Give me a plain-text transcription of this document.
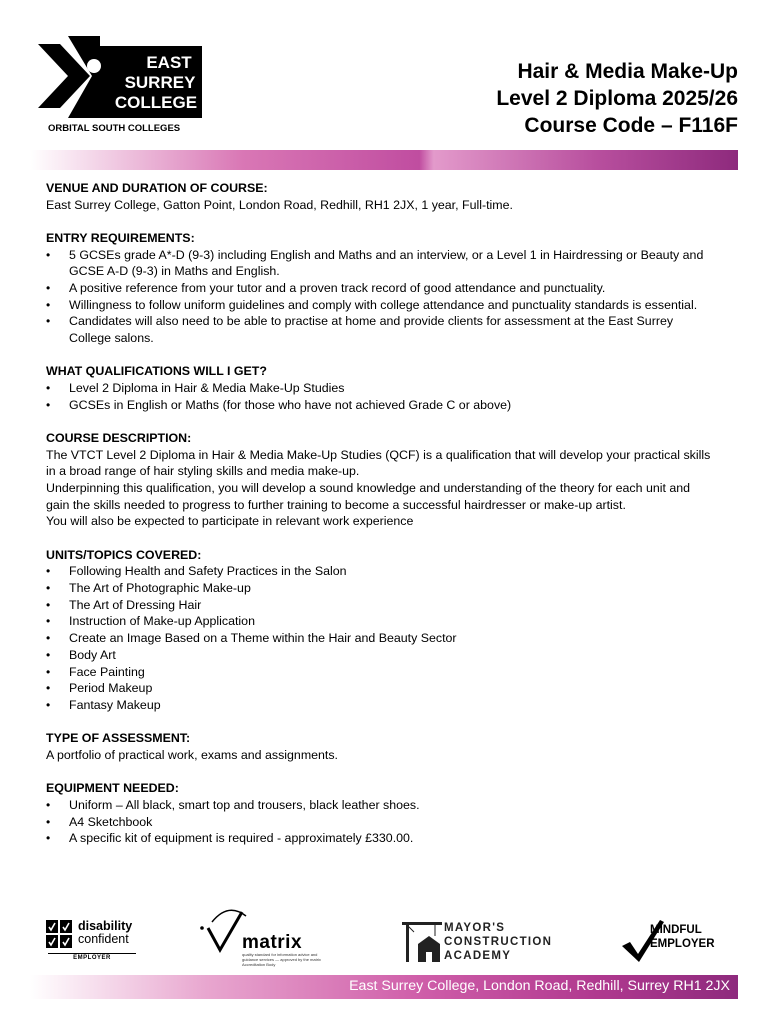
EAST
SURREY
COLLEGE
ORBITAL SOUTH COLLEGES
Hair & Media Make-Up
Level 2 Diploma 2025/26
Course Code – F116F
VENUE AND DURATION OF COURSE:
East Surrey College, Gatton Point, London Road, Redhill, RH1 2JX, 1 year, Full-time.
ENTRY REQUIREMENTS:
• 5 GCSEs grade A*-D (9-3) including English and Maths and an interview, or a Level 1 in Hairdressing or Beauty and GCSE A-D (9-3) in Maths and English.
• A positive reference from your tutor and a proven track record of good attendance and punctuality.
• Willingness to follow uniform guidelines and comply with college attendance and punctuality standards is essential.
• Candidates will also need to be able to practise at home and provide clients for assessment at the East Surrey College salons.
WHAT QUALIFICATIONS WILL I GET?
• Level 2 Diploma in Hair & Media Make-Up Studies
• GCSEs in English or Maths (for those who have not achieved Grade C or above)
COURSE DESCRIPTION:

The VTCT Level 2 Diploma in Hair & Media Make-Up Studies (QCF) is a qualification that will develop your practical skills in a broad range of hair styling skills and media make-up.

Underpinning this qualification, you will develop a sound knowledge and understanding of the theory for each unit and gain the skills needed to progress to further training to become a successful hairdresser or make-up artist.

You will also be expected to participate in relevant work experience

UNITS/TOPICS COVERED:
• Following Health and Safety Practices in the Salon
• The Art of Photographic Make-up
• The Art of Dressing Hair
• Instruction of Make-up Application
• Create an Image Based on a Theme within the Hair and Beauty Sector
• Body Art
• Face Painting
• Period Makeup
• Fantasy Makeup
TYPE OF ASSESSMENT:
A portfolio of practical work, exams and assignments.
EQUIPMENT NEEDED:
• Uniform – All black, smart top and trousers, black leather shoes.
• A4 Sketchbook
• A specific kit of equipment is required - approximately £330.00.
disability
confident
EMPLOYER
matrix
quality standard for information advice and guidance services — approved by the matrix Accreditation Body
MAYOR'S
CONSTRUCTION
ACADEMY
MINDFUL
EMPLOYER
East Surrey College, London Road, Redhill, Surrey RH1 2JX
